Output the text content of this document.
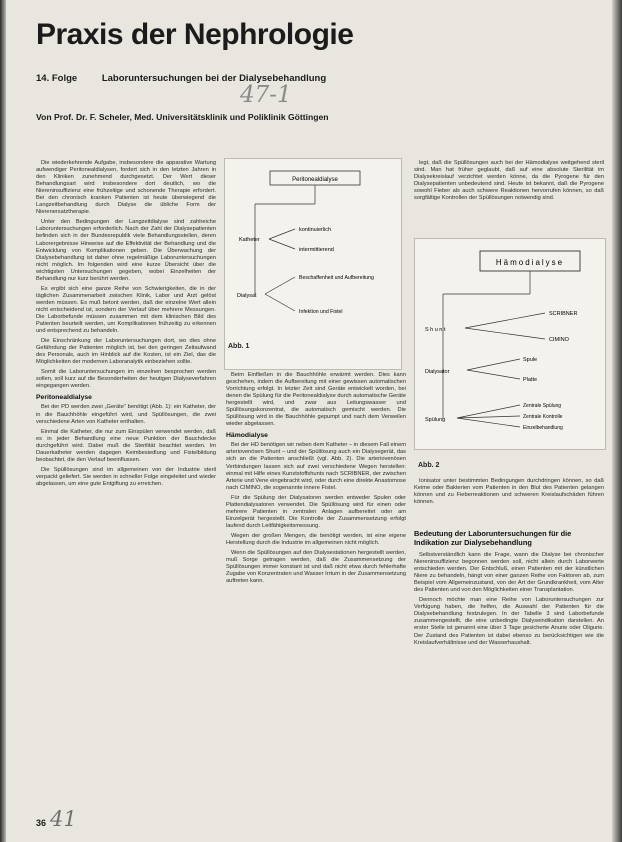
Praxis der Nephrologie
14. Folge	Laboruntersuchungen bei der Dialysebehandlung
47-1
Von Prof. Dr. F. Scheler, Med. Universitätsklinik und Poliklinik Göttingen

Die wiederkehrende Aufgabe, insbesondere die apparative Wartung aufwendiger Peritonealdialysen, fordert sich in den letzten Jahren in den Kliniken zunehmend durchgesetzt. Der Wert dieser Behandlungsart wird insbesondere dort deutlich, wo die Niereninsuffizienz eine frühzeitige und schonende Therapie erfordert. Bei den chronisch kranken Patienten ist heute überwiegend die Langzeitbehandlung durch Dialyse die übliche Form der Nierenersatztherapie.

Unter den Bedingungen der Langzeitdialyse sind zahlreiche Laboruntersuchungen erforderlich. Nach der Zahl der Dialysepatienten befinden sich in der Bundesrepublik viele Behandlungsstellen, deren Laborergebnisse Hinweise auf die Effektivität der Behandlung und die Entwicklung von Komplikationen geben. Die Überwachung der Dialysebehandlung ist daher ohne regelmäßige Laboruntersuchungen nicht möglich. Im folgenden wird eine kurze Übersicht über die wichtigsten Untersuchungen gegeben, wobei Einzelheiten der Behandlung nur kurz berührt werden.

Es ergibt sich eine ganze Reihe von Schwierigkeiten, die in der täglichen Zusammenarbeit zwischen Klinik, Labor und Arzt gelöst werden müssen. Es muß betont werden, daß der einzelne Wert allein nicht entscheidend ist, sondern der Verlauf über mehrere Messungen. Die Laborbefunde müssen zusammen mit dem klinischen Bild des Patienten beurteilt werden, um Komplikationen frühzeitig zu erkennen und entsprechend zu behandeln.

Die Einschränkung der Laboruntersuchungen dort, wo dies ohne Gefährdung der Patienten möglich ist, bei den geringen Zeitaufwand des Personals, auch im Hinblick auf die Kosten, ist ein Ziel, das die Möglichkeiten der modernen Laboranalytik einbeziehen sollte.

Somit die Laboruntersuchungen im einzelnen besprochen werden sollen, soll kurz auf die Besonderheiten der heutigen Dialyseverfahren eingegangen werden.

Peritonealdialyse

Bei der PD werden zwei „Geräte“ benötigt (Abb. 1): ein Katheter, der in die Bauchhöhle eingeführt wird, und Spüllösungen, die zwei verschiedene Arten von Katheter enthalten.

Einmal die Katheter, die nur zum Einspülen verwendet werden, daß es in jeder Behandlung eine neue Punktion der Bauchdecke durchgeführt wird. Dabei muß die Sterilität beachtet werden. Im Dauerkatheter werden dagegen Keimbesiedlung und Fistelbildung beobachtet, die den Verlauf beeinflussen.

Die Spüllösungen sind im allgemeinen von der Industrie steril verpackt geliefert. Sie werden in schneller Folge eingeleitet und wieder abgelassen, um eine gute Entgiftung zu erreichen.

Peritonealdialyse
Katheter
kontinuierlich
intermittierend
Dialysat
Beschaffenheit und Aufbereitung
Infektion und Fistel
Abb. 1
Hämodialyse
Shunt
SCRIBNER
CIMINO
Dialysator
Spule
Platte
Spülung
Zentrale Spülung
Zentrale Kontrolle
Einzelbehandlung
Abb. 2

Beim Einfließen in die Bauchhöhle erwärmt werden. Dies kann geschehen, indem die Aufbereitung mit einer gewissen automatischen Vorrichtung erfolgt. In letzter Zeit sind Geräte entwickelt worden, bei denen die Spülung für die Peritonealdialyse durch automatische Geräte hergestellt wird, und zwar aus Leitungswasser und Spüllösungskonzentrat, die automatisch gemischt werden. Die Spüllösung wird in die Bauchhöhle gepumpt und nach dem Verweilen wieder abgelassen.

Hämodialyse

Bei der HD benötigen wir neben dem Katheter – in diesem Fall einem arteriovenösen Shunt – und der Spüllösung auch ein Dialysegerät, das sich an die Patienten anschließt (vgl. Abb. 2). Die arteriovenösen Verbindungen lassen sich auf zwei verschiedene Wegen herstellen: einmal mit Hilfe eines Kunststoffshunts nach SCRIBNER, der zwischen Arterie und Vene eingebracht wird, oder durch eine direkte Anastomose nach CIMINO, die sogenannte innere Fistel.

Für die Spülung der Dialysatoren werden entweder Spulen oder Plattendialysatoren verwendet. Die Spüllösung wird für einen oder mehrere Patienten in zentralen Anlagen aufbereitet oder am Einzelgerät hergestellt. Die Kontrolle der Zusammensetzung erfolgt laufend durch Leitfähigkeitsmessung.

Wegen der großen Mengen, die benötigt werden, ist eine eigene Herstellung durch die Industrie im allgemeinen nicht möglich.

Wenn die Spüllösungen auf den Dialysestationen hergestellt werden, muß Sorge getragen werden, daß die Zusammensetzung der Spüllösungen immer konstant ist und daß nicht etwa durch fehlerhafte Zugabe von Konzentraten und Wasser Irrtum in der Zusammensetzung auftreten kann.

legt, daß die Spüllösungen auch bei der Hämodialyse weitgehend steril sind. Man hat früher geglaubt, daß auf eine absolute Sterilität im Dialysekreislauf verzichtet werden könne, da die Pyrogene für den Dialysepatienten unbedeutend sind. Heute ist bekannt, daß die Pyrogene sowohl Fieber als auch schwere Reaktionen hervorrufen können, so daß sorgfältige Kontrollen der Spüllösungen notwendig sind.

Ionisator unter bestimmten Bedingungen durchdringen können, so daß Keime oder Bakterien vom Patienten in den Blut des Patienten gelangen können und zu Fieberreaktionen und schweren Kreislaufschäden führen können.

Bedeutung der Laboruntersuchungen für die Indikation zur Dialysebehandlung

Selbstverständlich kann die Frage, wann die Dialyse bei chronischer Niereninsuffizienz begonnen werden soll, nicht allein durch Laborwerte entschieden werden. Der Entschluß, einen Patienten mit der künstlichen Niere zu behandeln, hängt von einer ganzen Reihe von Faktoren ab, zum Beispiel vom Allgemeinzustand, von der Art der Grundkrankheit, vom Alter des Patienten und von den Möglichkeiten einer Transplantation.

Dennoch möchte man eine Reihe von Laboruntersuchungen zur Verfügung haben, die helfen, die Auswahl der Patienten für die Dialysebehandlung festzulegen. In der Tabelle 3 sind Laborbefunde zusammengestellt, die eine unbedingte Dialyseindikation darstellen. An erster Stelle ist genannt eine über 3 Tage gesicherte Anurie oder Oligurie. Der Zustand des Patienten ist dabei ebenso zu berücksichtigen wie die Kreislaufverhältnisse und der Wasserhaushalt.

36 41
